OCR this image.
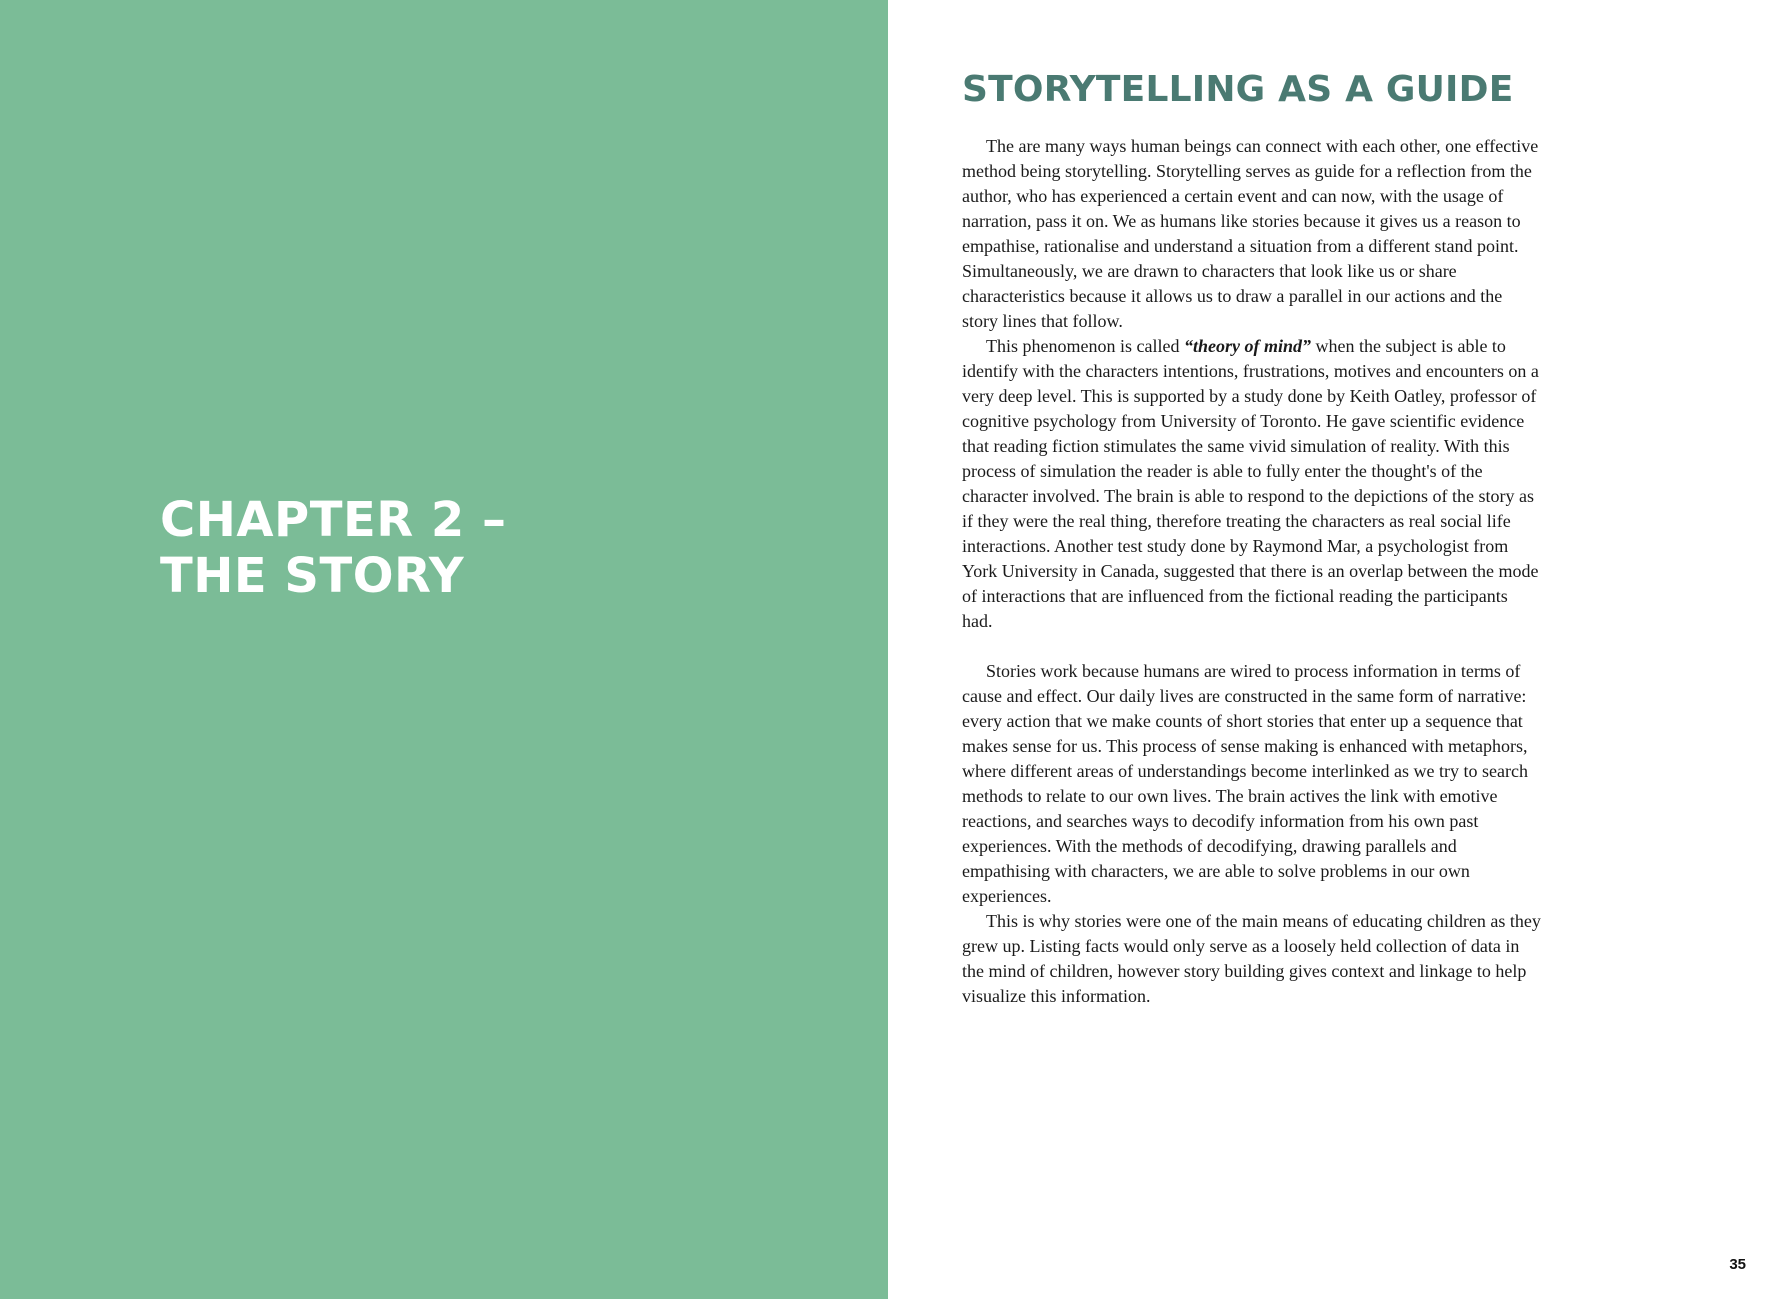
CHAPTER 2 –
THE STORY
STORYTELLING AS A GUIDE

The are many ways human beings can connect with each other, one effective method being storytelling. Storytelling serves as guide for a reflection from the author, who has experienced a certain event and can now, with the usage of narration, pass it on. We as humans like stories because it gives us a reason to empathise, rationalise and understand a situation from a different stand point. Simultaneously, we are drawn to characters that look like us or share characteristics because it allows us to draw a parallel in our actions and the story lines that follow.

This phenomenon is called “theory of mind” when the subject is able to identify with the characters intentions, frustrations, motives and encounters on a very deep level. This is supported by a study done by Keith Oatley, professor of cognitive psychology from University of Toronto. He gave scientific evidence that reading fiction stimulates the same vivid simulation of reality. With this process of simulation the reader is able to fully enter the thought's of the character involved. The brain is able to respond to the depictions of the story as if they were the real thing, therefore treating the characters as real social life interactions. Another test study done by Raymond Mar, a psychologist from York University in Canada, suggested that there is an overlap between the mode of interactions that are influenced from the fictional reading the participants had.

Stories work because humans are wired to process information in terms of cause and effect. Our daily lives are constructed in the same form of narrative: every action that we make counts of short stories that enter up a sequence that makes sense for us. This process of sense making is enhanced with metaphors, where different areas of understandings become interlinked as we try to search methods to relate to our own lives. The brain actives the link with emotive reactions, and searches ways to decodify information from his own past experiences. With the methods of decodifying, drawing parallels and empathising with characters, we are able to solve problems in our own experiences.

This is why stories were one of the main means of educating children as they grew up. Listing facts would only serve as a loosely held collection of data in the mind of children, however story building gives context and linkage to help visualize this information.

35
